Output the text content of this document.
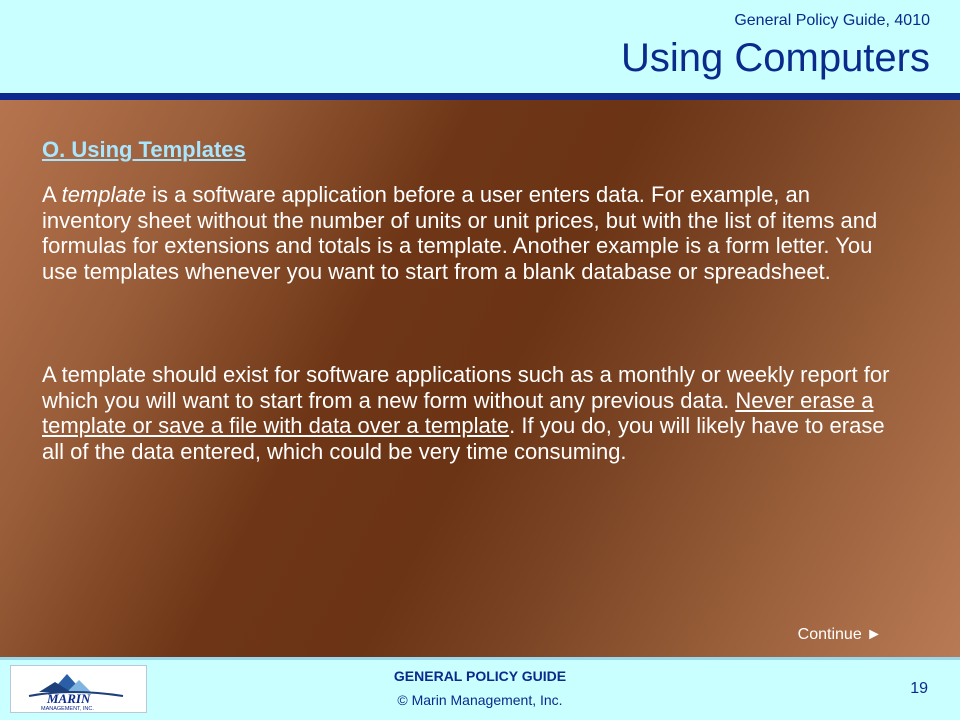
General Policy Guide, 4010
Using Computers
O. Using Templates
A template is a software application before a user enters data. For example, an inventory sheet without the number of units or unit prices, but with the list of items and formulas for extensions and totals is a template. Another example is a form letter. You use templates whenever you want to start from a blank database or spreadsheet.
A template should exist for software applications such as a monthly or weekly report for which you will want to start from a new form without any previous data. Never erase a template or save a file with data over a template. If you do, you will likely have to erase all of the data entered, which could be very time consuming.
Continue ►
MARIN
MANAGEMENT, INC.
GENERAL POLICY GUIDE
© Marin Management, Inc.
19
